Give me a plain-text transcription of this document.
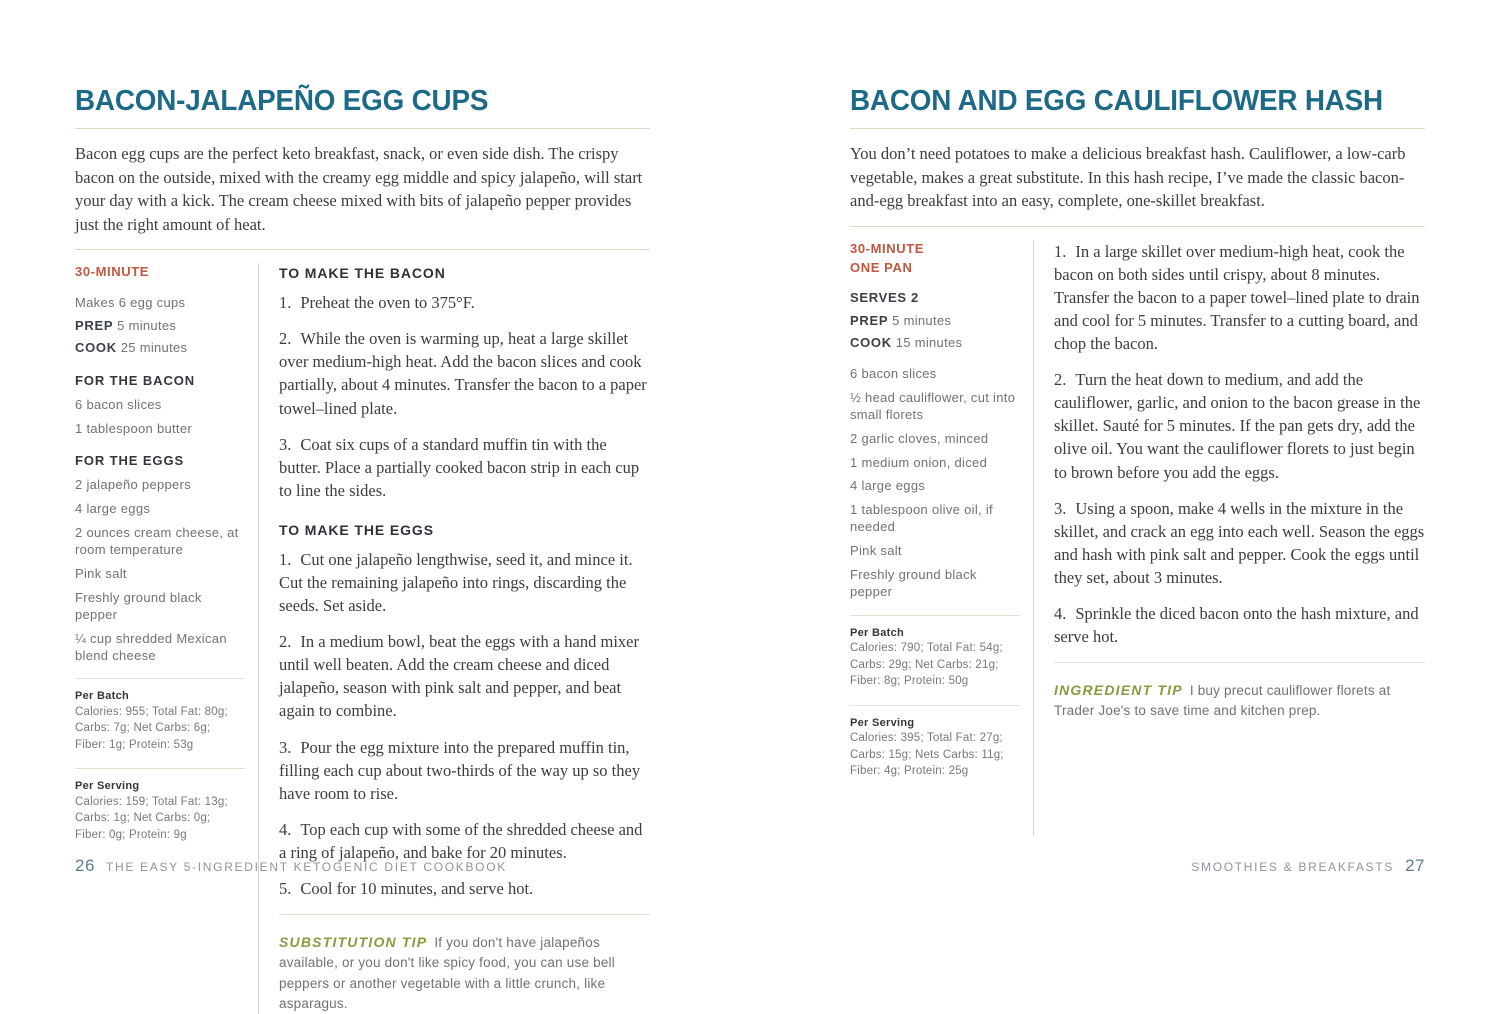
BACON-JALAPEÑO EGG CUPS

Bacon egg cups are the perfect keto breakfast, snack, or even side dish. The crispy bacon on the outside, mixed with the creamy egg middle and spicy jalapeño, will start your day with a kick. The cream cheese mixed with bits of jalapeño pepper provides just the right amount of heat.

30-MINUTE

Makes 6 egg cups

PREP 5 minutes

COOK 25 minutes

FOR THE BACON

6 bacon slices

1 tablespoon butter

FOR THE EGGS

2 jalapeño peppers

4 large eggs

2 ounces cream cheese, at room temperature

Pink salt

Freshly ground black pepper

¼ cup shredded Mexican blend cheese

Per Batch

Calories: 955; Total Fat: 80g;

Carbs: 7g; Net Carbs: 6g;

Fiber: 1g; Protein: 53g

Per Serving

Calories: 159; Total Fat: 13g;

Carbs: 1g; Net Carbs: 0g;

Fiber: 0g; Protein: 9g

TO MAKE THE BACON

1. Preheat the oven to 375°F.

2. While the oven is warming up, heat a large skillet over medium-high heat. Add the bacon slices and cook partially, about 4 minutes. Transfer the bacon to a paper towel–lined plate.

3. Coat six cups of a standard muffin tin with the butter. Place a partially cooked bacon strip in each cup to line the sides.

TO MAKE THE EGGS

1. Cut one jalapeño lengthwise, seed it, and mince it. Cut the remaining jalapeño into rings, discarding the seeds. Set aside.

2. In a medium bowl, beat the eggs with a hand mixer until well beaten. Add the cream cheese and diced jalapeño, season with pink salt and pepper, and beat again to combine.

3. Pour the egg mixture into the prepared muffin tin, filling each cup about two-thirds of the way up so they have room to rise.

4. Top each cup with some of the shredded cheese and a ring of jalapeño, and bake for 20 minutes.

5. Cool for 10 minutes, and serve hot.

SUBSTITUTION TIP If you don't have jalapeños available, or you don't like spicy food, you can use bell peppers or another vegetable with a little crunch, like asparagus.

26 THE EASY 5-INGREDIENT KETOGENIC DIET COOKBOOK
BACON AND EGG CAULIFLOWER HASH

You don’t need potatoes to make a delicious breakfast hash. Cauliflower, a low-carb vegetable, makes a great substitute. In this hash recipe, I’ve made the classic bacon-and-egg breakfast into an easy, complete, one-skillet breakfast.

30-MINUTE

ONE PAN

SERVES 2

PREP 5 minutes

COOK 15 minutes

6 bacon slices

½ head cauliflower, cut into small florets

2 garlic cloves, minced

1 medium onion, diced

4 large eggs

1 tablespoon olive oil, if needed

Pink salt

Freshly ground black pepper

Per Batch

Calories: 790; Total Fat: 54g;

Carbs: 29g; Net Carbs: 21g;

Fiber: 8g; Protein: 50g

Per Serving

Calories: 395; Total Fat: 27g;

Carbs: 15g; Nets Carbs: 11g;

Fiber: 4g; Protein: 25g

1. In a large skillet over medium-high heat, cook the bacon on both sides until crispy, about 8 minutes. Transfer the bacon to a paper towel–lined plate to drain and cool for 5 minutes. Transfer to a cutting board, and chop the bacon.

2. Turn the heat down to medium, and add the cauliflower, garlic, and onion to the bacon grease in the skillet. Sauté for 5 minutes. If the pan gets dry, add the olive oil. You want the cauliflower florets to just begin to brown before you add the eggs.

3. Using a spoon, make 4 wells in the mixture in the skillet, and crack an egg into each well. Season the eggs and hash with pink salt and pepper. Cook the eggs until they set, about 3 minutes.

4. Sprinkle the diced bacon onto the hash mixture, and serve hot.

INGREDIENT TIP I buy precut cauliflower florets at Trader Joe's to save time and kitchen prep.

SMOOTHIES & BREAKFASTS 27
